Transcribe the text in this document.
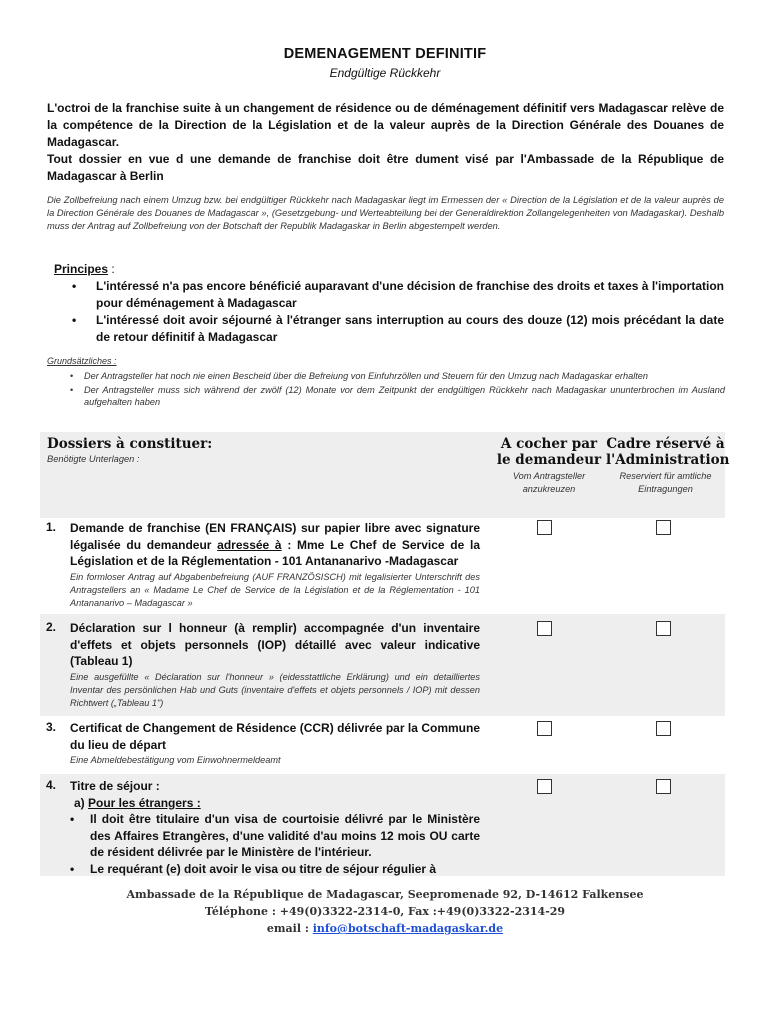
DEMENAGEMENT DEFINITIF
Endgültige Rückkehr

L'octroi de la franchise suite à un changement de résidence ou de déménagement définitif vers Madagascar relève de la compétence de la Direction de la Législation et de la valeur auprès de la Direction Générale des Douanes de Madagascar.

Tout dossier en vue d une demande de franchise doit être dument visé par l'Ambassade de la République de Madagascar à Berlin

Die Zollbefreiung nach einem Umzug bzw. bei endgültiger Rückkehr nach Madagaskar liegt im Ermessen der « Direction de la Législation et de la valeur auprès de la Direction Générale des Douanes de Madagascar », (Gesetzgebung- und Werteabteilung bei der Generaldirektion Zollangelegenheiten von Madagaskar). Deshalb muss der Antrag auf Zollbefreiung von der Botschaft der Republik Madagaskar in Berlin abgestempelt werden.
Principes :
• L'intéressé n'a pas encore bénéficié auparavant d'une décision de franchise des droits et taxes à l'importation pour déménagement à Madagascar
• L'intéressé doit avoir séjourné à l'étranger sans interruption au cours des douze (12) mois précédant la date de retour définitif à Madagascar
Grundsätzliches :
• Der Antragsteller hat noch nie einen Bescheid über die Befreiung von Einfuhrzöllen und Steuern für den Umzug nach Madagaskar erhalten
• Der Antragsteller muss sich während der zwölf (12) Monate vor dem Zeitpunkt der endgültigen Rückkehr nach Madagaskar ununterbrochen im Ausland aufgehalten haben
Dossiers à constituer:
Benötigte Unterlagen :
A cocher par le demandeur
Vom Antragsteller anzukreuzen
Cadre réservé à l'Administration
Reserviert für amtliche Eintragungen
1. Demande de franchise (EN FRANÇAIS) sur papier libre avec signature légalisée du demandeur adressée à : Mme Le Chef de Service de la Législation et de la Réglementation - 101 Antananarivo -Madagascar
Ein formloser Antrag auf Abgabenbefreiung (AUF FRANZÖSISCH) mit legalisierter Unterschrift des Antragstellers an « Madame Le Chef de Service de la Législation et de la Réglementation - 101 Antananarivo – Madagascar »
2. Déclaration sur l honneur (à remplir) accompagnée d'un inventaire d'effets et objets personnels (IOP) détaillé avec valeur indicative (Tableau 1)
Eine ausgefüllte « Déclaration sur l'honneur » (eidesstattliche Erklärung) und ein detailliertes Inventar des persönlichen Hab und Guts (inventaire d'effets et objets personnels / IOP) mit dessen Richtwert („Tableau 1")
3. Certificat de Changement de Résidence (CCR) délivrée par la Commune du lieu de départ
Eine Abmeldebestätigung vom Einwohnermeldeamt
4. Titre de séjour :
a) Pour les étrangers :
• Il doit être titulaire d'un visa de courtoisie délivré par le Ministère des Affaires Etrangères, d'une validité d'au moins 12 mois OU carte de résident délivrée par le Ministère de l'intérieur.
• Le requérant (e) doit avoir le visa ou titre de séjour régulier à
Ambassade de la République de Madagascar, Seepromenade 92, D-14612 Falkensee
Téléphone : +49(0)3322-2314-0, Fax :+49(0)3322-2314-29
email : info@botschaft-madagaskar.de
